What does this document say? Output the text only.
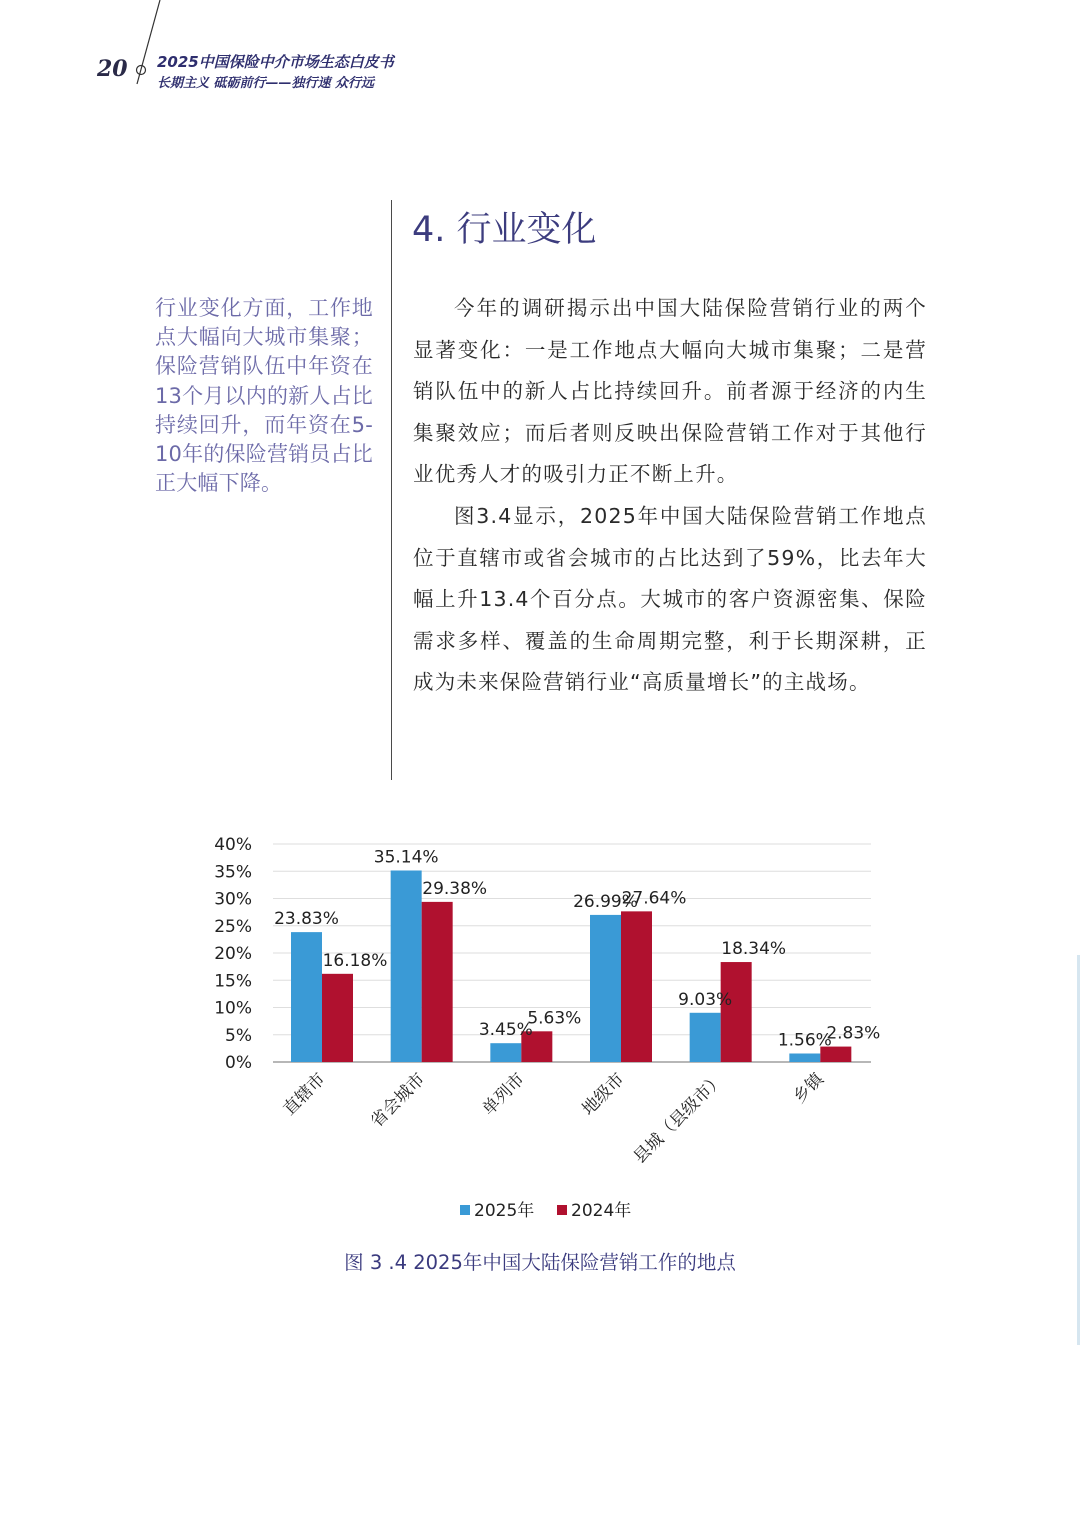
20 2025中国保险中介市场生态白皮书
长期主义 砥砺前行——独行速 众行远
行业变化方面，工作地点大幅向大城市集聚；保险营销队伍中年资在13个月以内的新人占比持续回升，而年资在5-10年的保险营销员占比正大幅下降。
4. 行业变化

今年的调研揭示出中国大陆保险营销行业的两个显著变化：一是工作地点大幅向大城市集聚；二是营销队伍中的新人占比持续回升。前者源于经济的内生集聚效应；而后者则反映出保险营销工作对于其他行业优秀人才的吸引力正不断上升。

图3.4显示，2025年中国大陆保险营销工作地点位于直辖市或省会城市的占比达到了59%，比去年大幅上升13.4个百分点。大城市的客户资源密集、保险需求多样、覆盖的生命周期完整，利于长期深耕，正成为未来保险营销行业“高质量增长”的主战场。

0%
5%
10%
15%
20%
25%
30%
35%
40%
23.83%
16.18%
直辖市
35.14%
29.38%
省会城市
3.45%
5.63%
单列市
26.99%
27.64%
地级市
9.03%
18.34%
县城（县级市）
1.56%
2.83%
乡镇
2025年 2024年
图 3 .4 2025年中国大陆保险营销工作的地点
